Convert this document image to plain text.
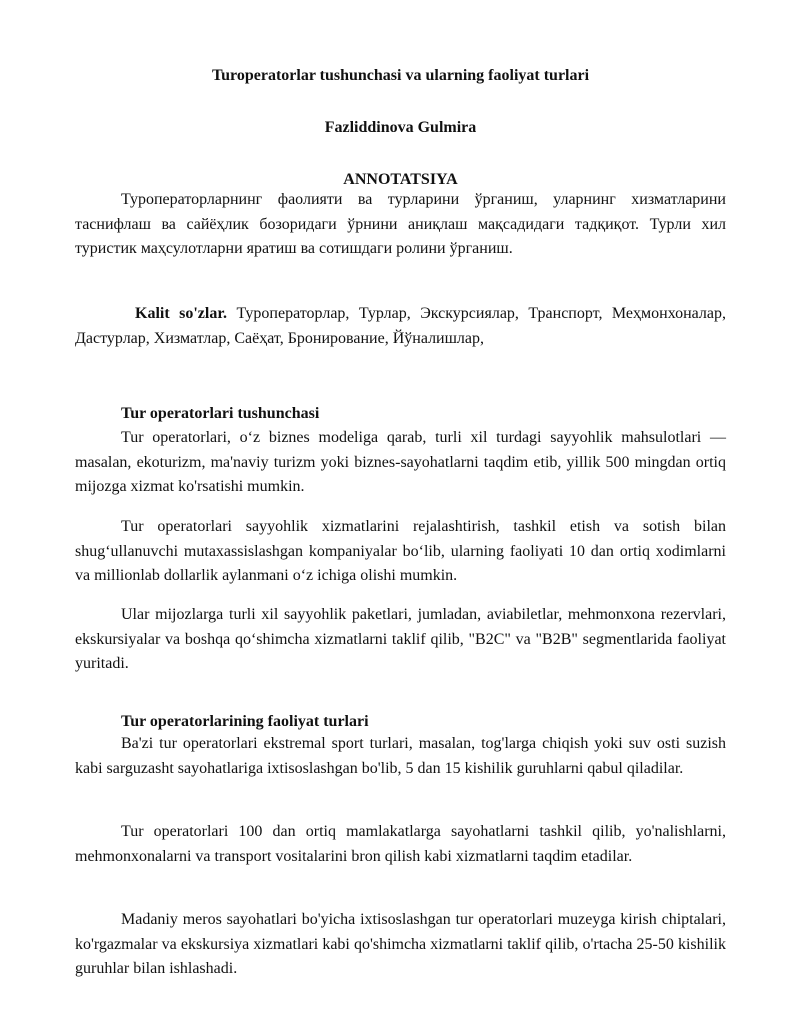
Turoperatorlar tushunchasi va ularning faoliyat turlari
Fazliddinova Gulmira
ANNOTATSIYA

Туроператорларнинг фаолияти ва турларини ўрганиш, уларнинг хизматларини таснифлаш ва сайёҳлик бозоридаги ўрнини аниқлаш мақсадидаги тадқиқот. Турли хил туристик маҳсулотларни яратиш ва сотишдаги ролини ўрганиш.

Kalit so'zlar. Туроператорлар, Турлар, Экскурсиялар, Транспорт, Меҳмонхоналар, Дастурлар, Хизматлар, Саёҳат, Бронирование, Йўналишлар,

Tur operatorlari tushunchasi

Tur operatorlari, o‘z biznes modeliga qarab, turli xil turdagi sayyohlik mahsulotlari — masalan, ekoturizm, ma'naviy turizm yoki biznes-sayohatlarni taqdim etib, yillik 500 mingdan ortiq mijozga xizmat ko'rsatishi mumkin.

Tur operatorlari sayyohlik xizmatlarini rejalashtirish, tashkil etish va sotish bilan shug‘ullanuvchi mutaxassislashgan kompaniyalar bo‘lib, ularning faoliyati 10 dan ortiq xodimlarni va millionlab dollarlik aylanmani o‘z ichiga olishi mumkin.

Ular mijozlarga turli xil sayyohlik paketlari, jumladan, aviabiletlar, mehmonxona rezervlari, ekskursiyalar va boshqa qo‘shimcha xizmatlarni taklif qilib, "B2C" va "B2B" segmentlarida faoliyat yuritadi.

Tur operatorlarining faoliyat turlari

Ba'zi tur operatorlari ekstremal sport turlari, masalan, tog'larga chiqish yoki suv osti suzish kabi sarguzasht sayohatlariga ixtisoslashgan bo'lib, 5 dan 15 kishilik guruhlarni qabul qiladilar.

Tur operatorlari 100 dan ortiq mamlakatlarga sayohatlarni tashkil qilib, yo'nalishlarni, mehmonxonalarni va transport vositalarini bron qilish kabi xizmatlarni taqdim etadilar.

Madaniy meros sayohatlari bo'yicha ixtisoslashgan tur operatorlari muzeyga kirish chiptalari, ko'rgazmalar va ekskursiya xizmatlari kabi qo'shimcha xizmatlarni taklif qilib, o'rtacha 25-50 kishilik guruhlar bilan ishlashadi.
